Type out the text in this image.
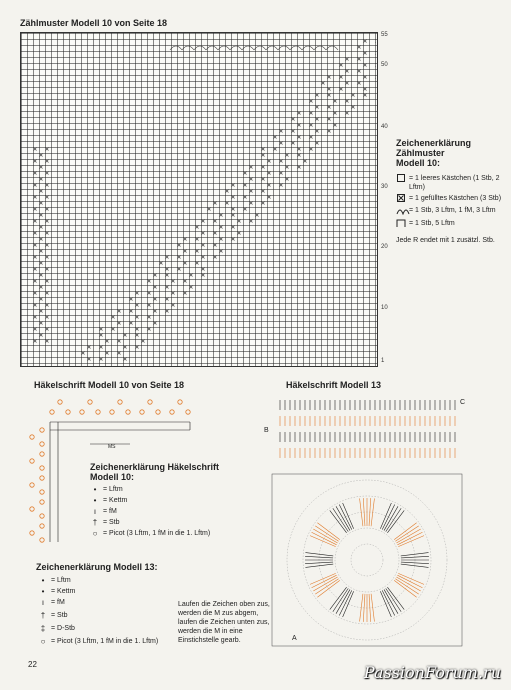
Zählmuster Modell 10 von Seite 18
55
50
40
30
20
10
1
Zeichenerklärung
Zählmuster
Modell 10:
= 1 leeres Kästchen (1 Stb, 2 Lftm)
= 1 gefülltes Kästchen (3 Stb)
= 1 Stb, 3 Lftm, 1 fM, 3 Lftm
= 1 Stb, 5 Lftm
Jede R endet mit 1 zusätzl. Stb.
Häkelschrift Modell 10 von Seite 18
MS
Zeichenerklärung Häkelschrift
Modell 10:
• = Lftm
• = Kettm
ı = fM
† = Stb
○ = Picot (3 Lftm, 1 fM in die 1. Lftm)
Zeichenerklärung Modell 13:
• = Lftm
• = Kettm
ı = fM
† = Stb
‡ = D-Stb
○ = Picot (3 Lftm, 1 fM in die 1. Lftm)
Laufen die Zeichen oben zus, werden die M zus abgem, laufen die Zeichen unten zus, werden die M in eine Einstichstelle gearb.
Häkelschrift Modell 13
C
B
A
22	PassionForum.ru
